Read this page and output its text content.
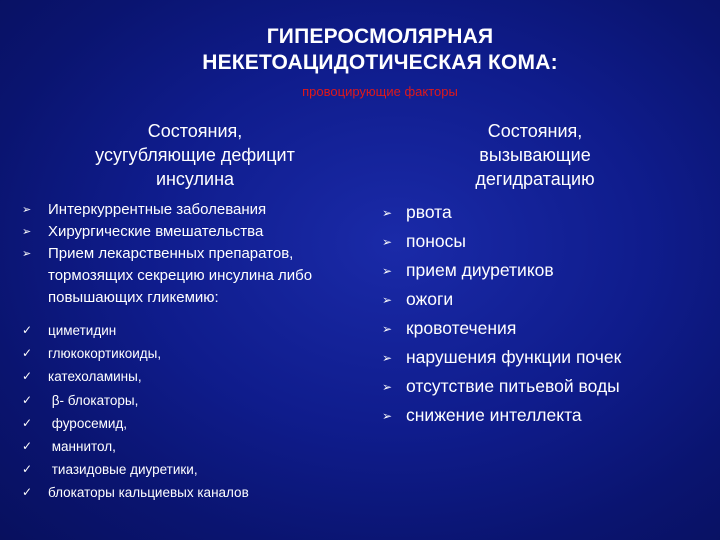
ГИПЕРОСМОЛЯРНАЯ
НЕКЕТОАЦИДОТИЧЕСКАЯ КОМА:
провоцирующие факторы
Состояния,
усугубляющие дефицит
инсулина
Состояния,
вызывающие
дегидратацию
➢ Интеркуррентные заболевания
➢ Хирургические вмешательства
➢ Прием лекарственных препаратов, тормозящих секрецию инсулина либо повышающих гликемию:
✓ циметидин
✓ глюкокортикоиды,
✓ катехоламины,
✓ β- блокаторы,
✓ фуросемид,
✓ маннитол,
✓ тиазидовые диуретики,
✓ блокаторы кальциевых каналов
➢ рвота
➢ поносы
➢ прием диуретиков
➢ ожоги
➢ кровотечения
➢ нарушения функции почек
➢ отсутствие питьевой воды
➢ снижение интеллекта
